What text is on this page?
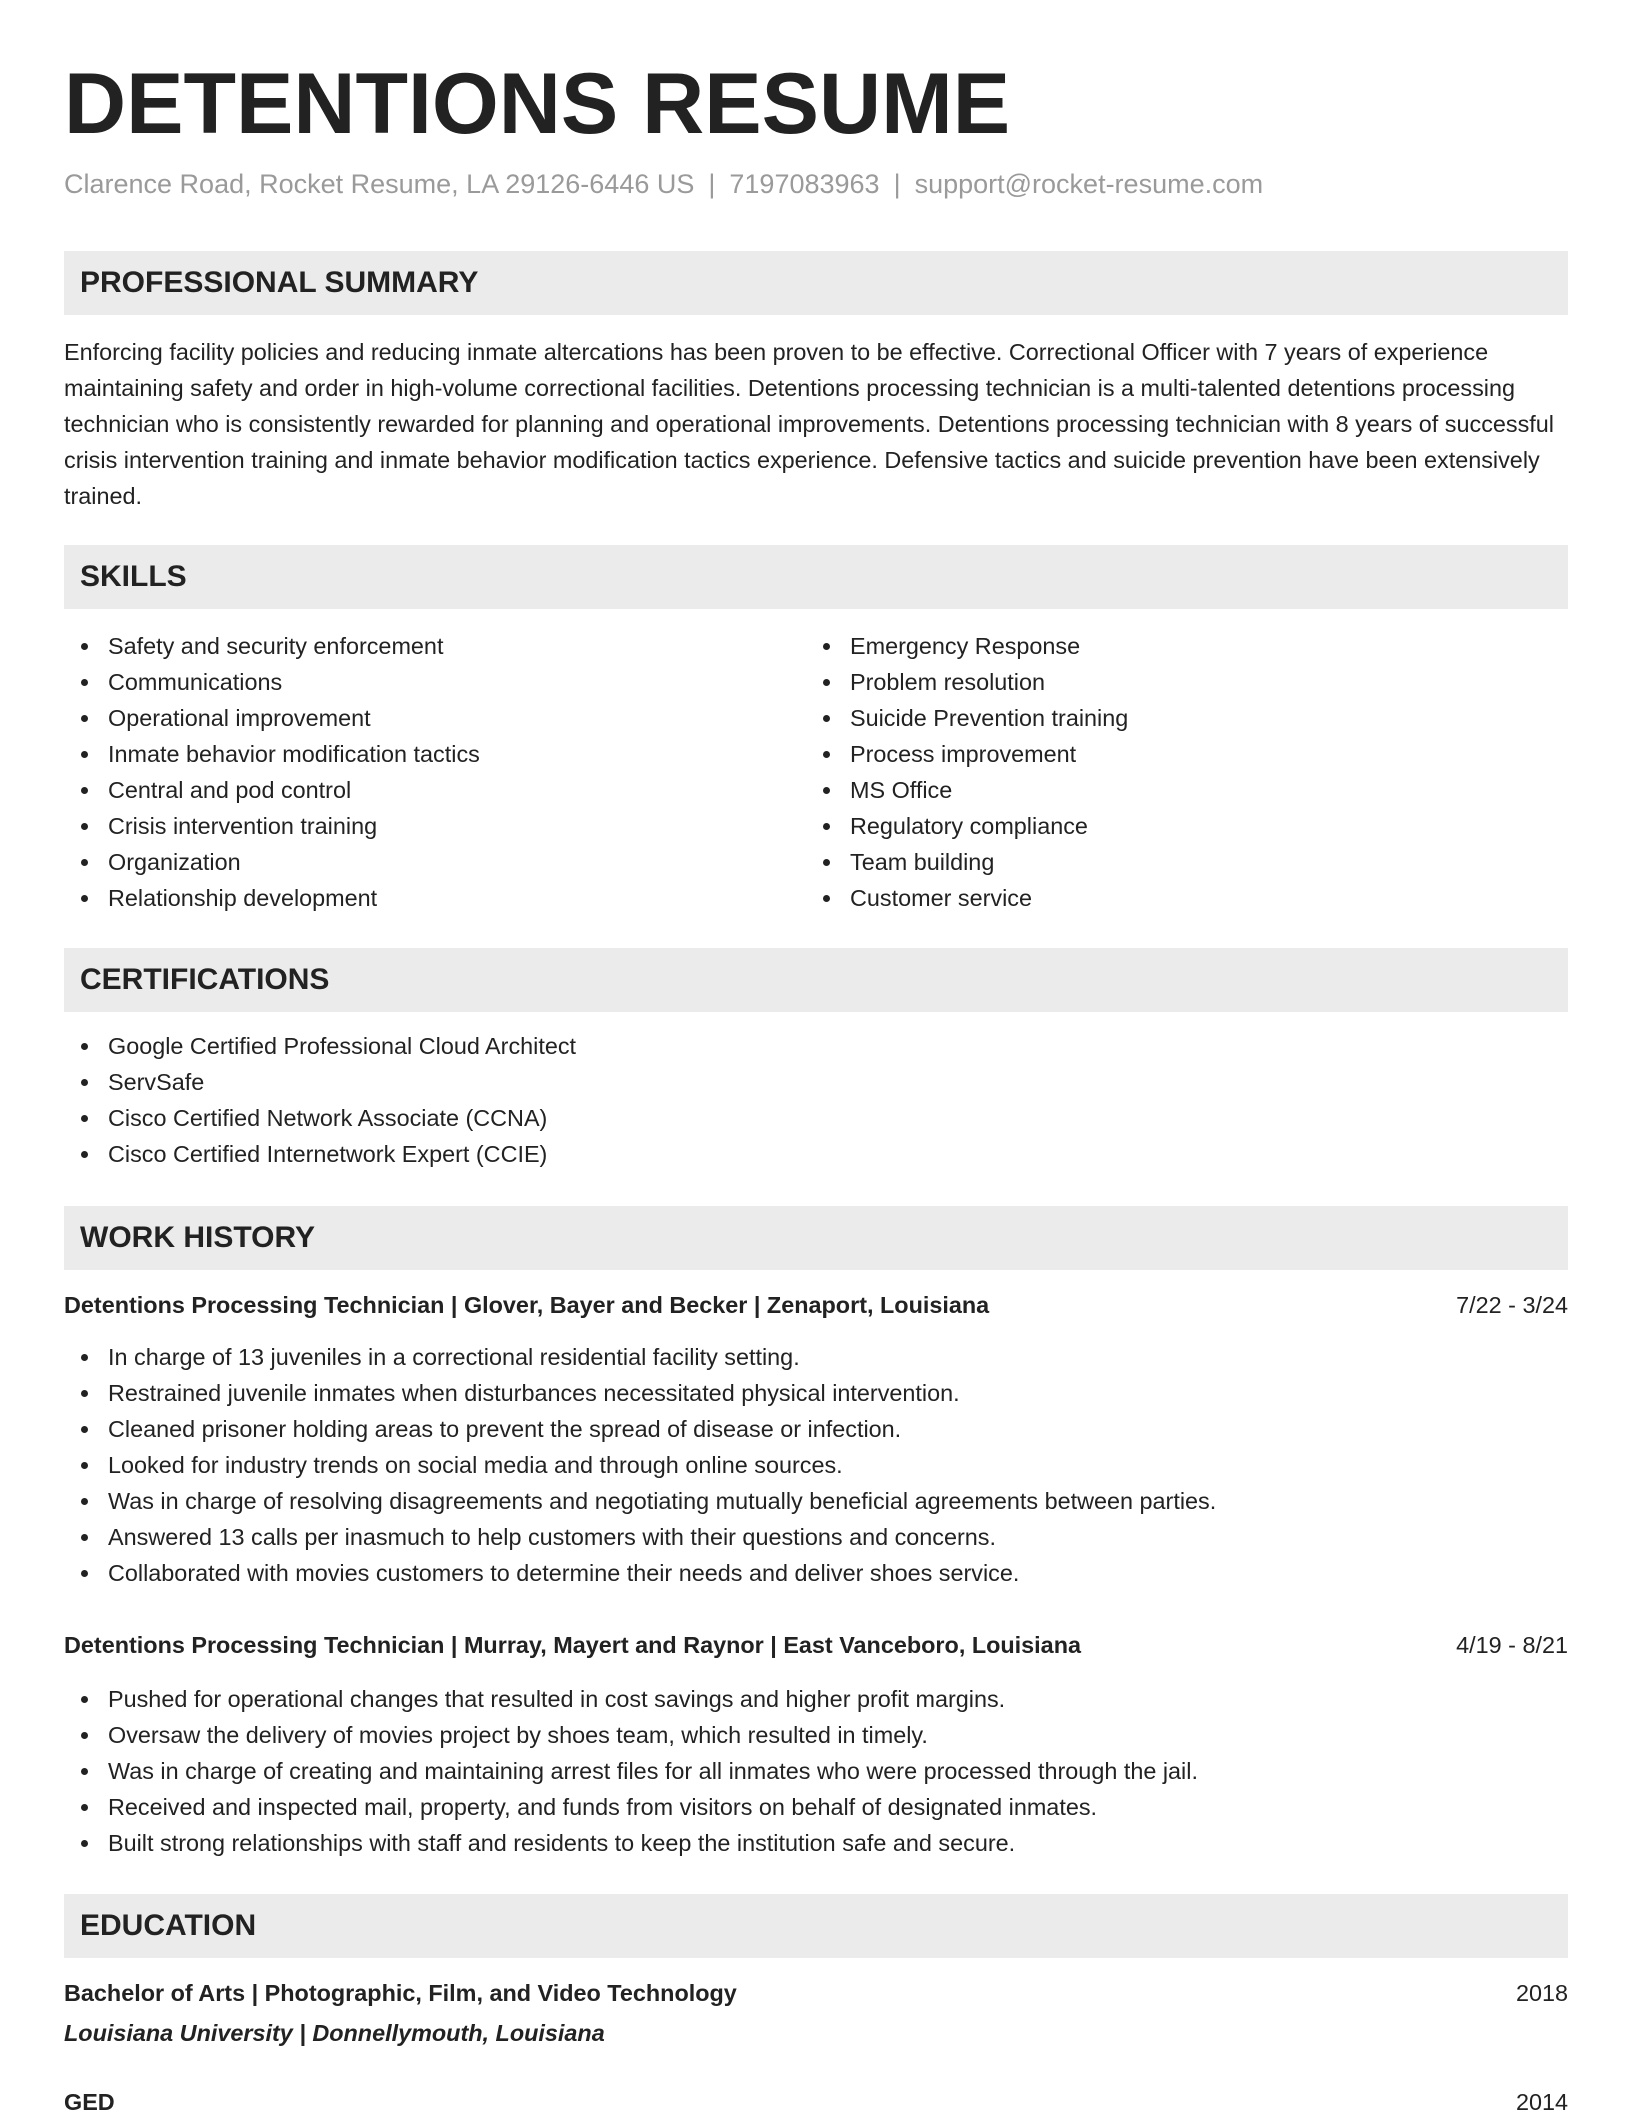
DETENTIONS RESUME
Clarence Road, Rocket Resume, LA 29126-6446 US | 7197083963 | support@rocket-resume.com
PROFESSIONAL SUMMARY
Enforcing facility policies and reducing inmate altercations has been proven to be effective. Correctional Officer with 7 years of experience maintaining safety and order in high-volume correctional facilities. Detentions processing technician is a multi-talented detentions processing technician who is consistently rewarded for planning and operational improvements. Detentions processing technician with 8 years of successful crisis intervention training and inmate behavior modification tactics experience. Defensive tactics and suicide prevention have been extensively trained.
SKILLS
Safety and security enforcement
Communications
Operational improvement
Inmate behavior modification tactics
Central and pod control
Crisis intervention training
Organization
Relationship development
Emergency Response
Problem resolution
Suicide Prevention training
Process improvement
MS Office
Regulatory compliance
Team building
Customer service
CERTIFICATIONS
Google Certified Professional Cloud Architect
ServSafe
Cisco Certified Network Associate (CCNA)
Cisco Certified Internetwork Expert (CCIE)
WORK HISTORY
Detentions Processing Technician | Glover, Bayer and Becker | Zenaport, Louisiana	7/22 - 3/24
In charge of 13 juveniles in a correctional residential facility setting.
Restrained juvenile inmates when disturbances necessitated physical intervention.
Cleaned prisoner holding areas to prevent the spread of disease or infection.
Looked for industry trends on social media and through online sources.
Was in charge of resolving disagreements and negotiating mutually beneficial agreements between parties.
Answered 13 calls per inasmuch to help customers with their questions and concerns.
Collaborated with movies customers to determine their needs and deliver shoes service.
Detentions Processing Technician | Murray, Mayert and Raynor | East Vanceboro, Louisiana	4/19 - 8/21
Pushed for operational changes that resulted in cost savings and higher profit margins.
Oversaw the delivery of movies project by shoes team, which resulted in timely.
Was in charge of creating and maintaining arrest files for all inmates who were processed through the jail.
Received and inspected mail, property, and funds from visitors on behalf of designated inmates.
Built strong relationships with staff and residents to keep the institution safe and secure.
EDUCATION
Bachelor of Arts | Photographic, Film, and Video Technology	2018
Louisiana University | Donnellymouth, Louisiana
GED	2014
